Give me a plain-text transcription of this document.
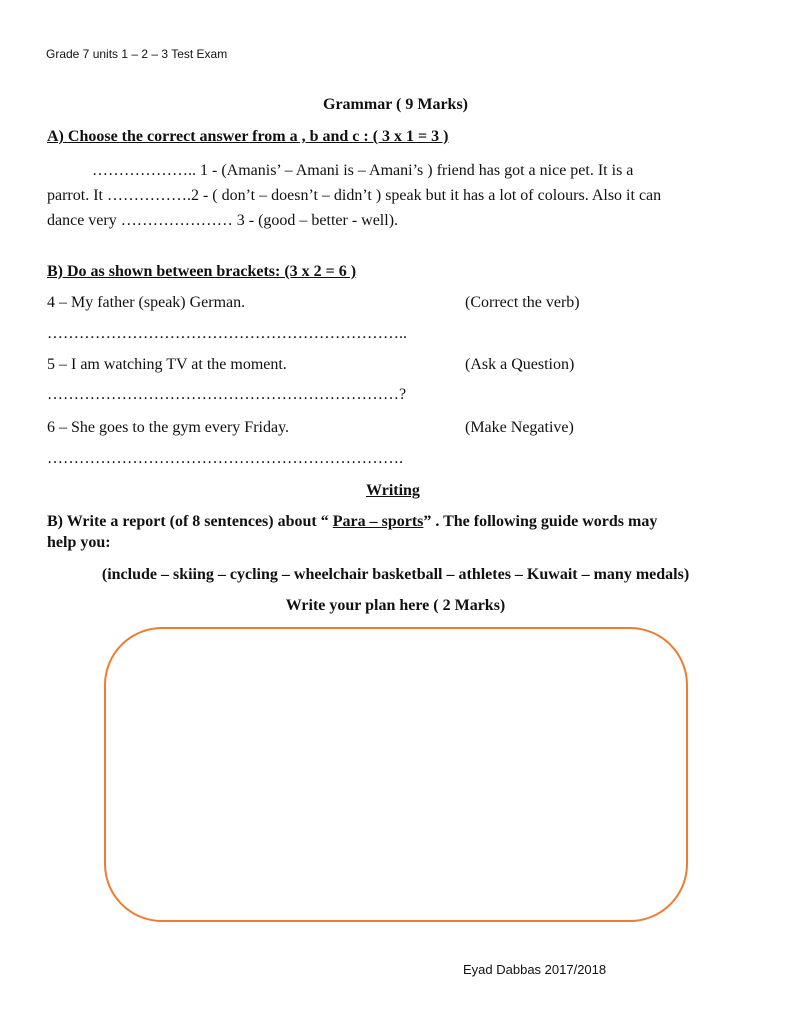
Grade 7 units 1 – 2 – 3 Test Exam
Grammar ( 9 Marks)
A) Choose the correct answer from a , b and c : ( 3 x 1 = 3 )
……………….. 1 - (Amanis’ – Amani is – Amani’s ) friend has got a nice pet. It is a
parrot. It …………….2 - ( don’t – doesn’t – didn’t ) speak but it has a lot of colours. Also it can
dance very ………………… 3 - (good – better - well).
B) Do as shown between brackets: (3 x 2 = 6 )
4 – My father (speak) German.	(Correct the verb)
…………………………………………………………..
5 – I am watching TV at the moment.	(Ask a Question)
…………………………………………………………?
6 – She goes to the gym every Friday.	(Make Negative)
………………………………………………………….
Writing
B) Write a report (of 8 sentences) about “ Para – sports” . The following guide words may
help you:
(include – skiing – cycling – wheelchair basketball – athletes – Kuwait – many medals)
Write your plan here ( 2 Marks)
Eyad Dabbas 2017/2018
